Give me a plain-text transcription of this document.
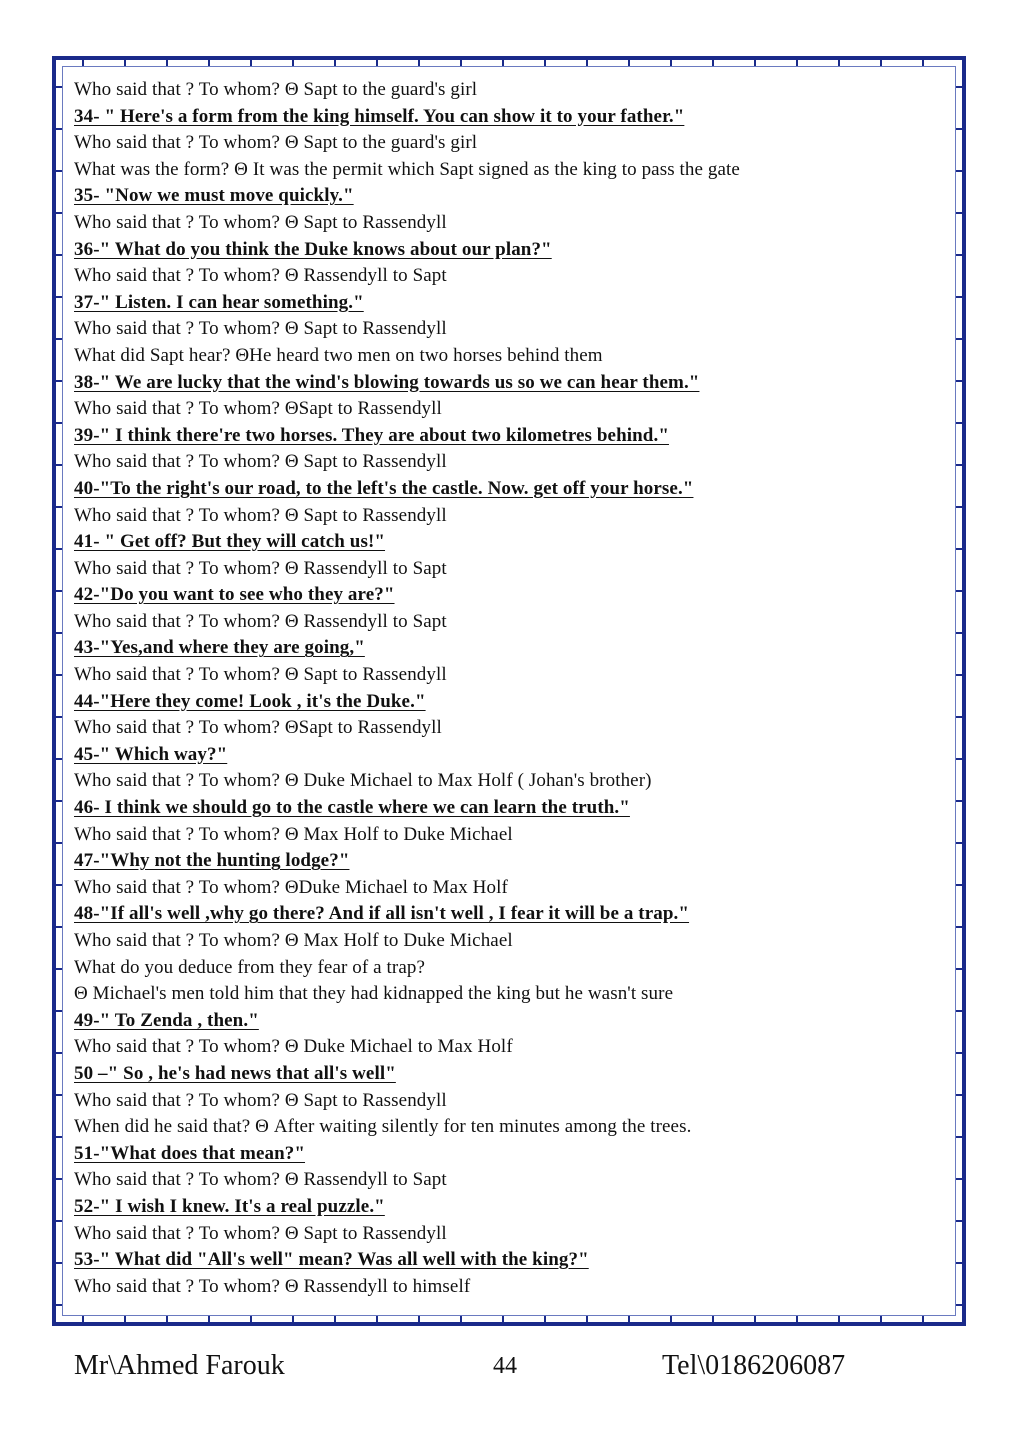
Who said that ? To whom? Θ Sapt to the guard's girl
34- " Here's a form from the king himself. You can show it to your father."
Who said that ? To whom? Θ Sapt to the guard's girl
What was the form? Θ It was the permit which Sapt signed as the king to pass the gate
35- "Now we must move quickly."
Who said that ? To whom? Θ Sapt to Rassendyll
36-" What do you think the Duke knows about our plan?"
Who said that ? To whom? Θ Rassendyll to Sapt
37-" Listen. I can hear something."
Who said that ? To whom? Θ Sapt to Rassendyll
What did Sapt hear? ΘHe heard two men on two horses behind them
38-" We are lucky that the wind's blowing towards us so we can hear them."
Who said that ? To whom? ΘSapt to Rassendyll
39-" I think there're two horses. They are about two kilometres behind."
Who said that ? To whom? Θ Sapt to Rassendyll
40-"To the right's our road, to the left's the castle. Now. get off your horse."
Who said that ? To whom? Θ Sapt to Rassendyll
41- " Get off? But they will catch us!"
Who said that ? To whom? Θ Rassendyll to Sapt
42-"Do you want to see who they are?"
Who said that ? To whom? Θ Rassendyll to Sapt
43-"Yes,and where they are going,"
Who said that ? To whom? Θ Sapt to Rassendyll
44-"Here they come! Look , it's the Duke."
Who said that ? To whom? ΘSapt to Rassendyll
45-" Which way?"
Who said that ? To whom? Θ Duke Michael to Max Holf ( Johan's brother)
46- I think we should go to the castle where we can learn the truth."
Who said that ? To whom? Θ Max Holf to Duke Michael
47-"Why not the hunting lodge?"
Who said that ? To whom? ΘDuke Michael to Max Holf
48-"If all's well ,why go there? And if all isn't well , I fear it will be a trap."
Who said that ? To whom? Θ Max Holf to Duke Michael
What do you deduce from they fear of a trap?
Θ Michael's men told him that they had kidnapped the king but he wasn't sure
49-" To Zenda , then."
Who said that ? To whom? Θ Duke Michael to Max Holf
50 –" So , he's had news that all's well"
Who said that ? To whom? Θ Sapt to Rassendyll
When did he said that? Θ After waiting silently for ten minutes among the trees.
51-"What does that mean?"
Who said that ? To whom? Θ Rassendyll to Sapt
52-" I wish I knew. It's a real puzzle."
Who said that ? To whom? Θ Sapt to Rassendyll
53-" What did "All's well" mean? Was all well with the king?"
Who said that ? To whom? Θ Rassendyll to himself
Mr\Ahmed Farouk	44	Tel\0186206087
